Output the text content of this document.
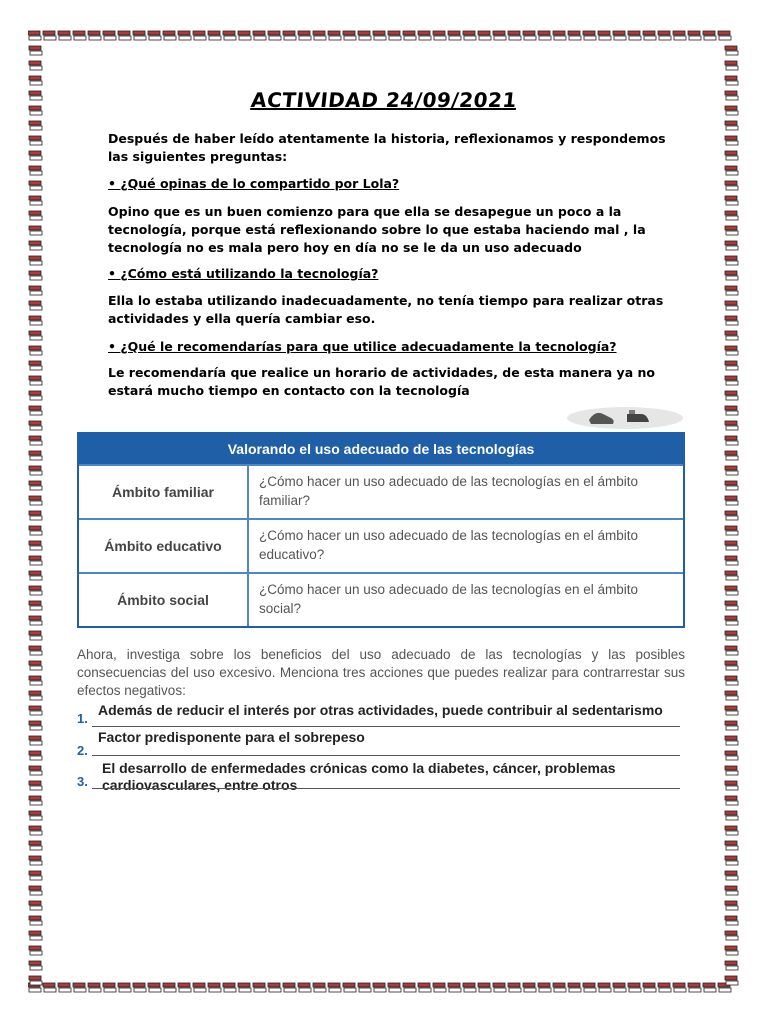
ACTIVIDAD 24/09/2021
Después de haber leído atentamente la historia, reflexionamos y respondemos las siguientes preguntas:
• ¿Qué opinas de lo compartido por Lola?
Opino que es un buen comienzo para que ella se desapegue un poco a la tecnología, porque está reflexionando sobre lo que estaba haciendo mal , la tecnología no es mala pero hoy en día no se le da un uso adecuado
• ¿Cómo está utilizando la tecnología?
Ella lo estaba utilizando inadecuadamente, no tenía tiempo para realizar otras actividades y ella quería cambiar eso.
• ¿Qué le recomendarías para que utilice adecuadamente la tecnología?
Le recomendaría que realice un horario de actividades, de esta manera ya no estará mucho tiempo en contacto con la tecnología
Valorando el uso adecuado de las tecnologías
Ámbito familiar
¿Cómo hacer un uso adecuado de las tecnologías en el ámbito familiar?
Ámbito educativo
¿Cómo hacer un uso adecuado de las tecnologías en el ámbito educativo?
Ámbito social
¿Cómo hacer un uso adecuado de las tecnologías en el ámbito social?
Ahora, investiga sobre los beneficios del uso adecuado de las tecnologías y las posibles consecuencias del uso excesivo. Menciona tres acciones que puedes realizar para contrarrestar sus efectos negativos:
1.
Además de reducir el interés por otras actividades, puede contribuir al sedentarismo
2.
Factor predisponente para el sobrepeso
3.
El desarrollo de enfermedades crónicas como la diabetes, cáncer, problemas cardiovasculares, entre otros
